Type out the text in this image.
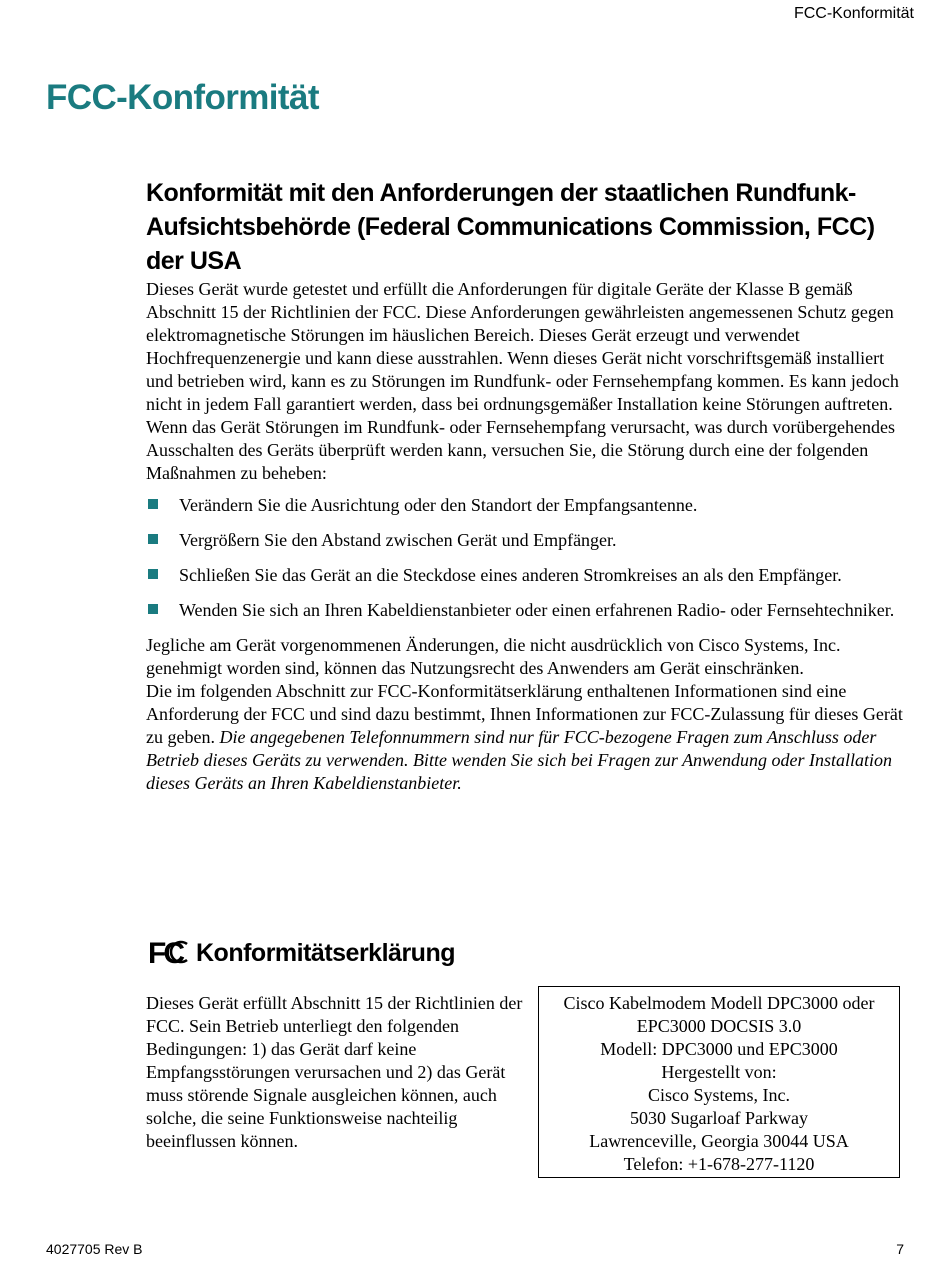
FCC-Konformität
FCC-Konformität
Konformität mit den Anforderungen der staatlichen Rundfunk-Aufsichtsbehörde (Federal Communications Commission, FCC) der USA

Dieses Gerät wurde getestet und erfüllt die Anforderungen für digitale Geräte der Klasse B gemäß Abschnitt 15 der Richtlinien der FCC. Diese Anforderungen gewährleisten angemessenen Schutz gegen elektromagnetische Störungen im häuslichen Bereich. Dieses Gerät erzeugt und verwendet Hochfrequenzenergie und kann diese ausstrahlen. Wenn dieses Gerät nicht vorschriftsgemäß installiert und betrieben wird, kann es zu Störungen im Rundfunk- oder Fernsehempfang kommen. Es kann jedoch nicht in jedem Fall garantiert werden, dass bei ordnungsgemäßer Installation keine Störungen auftreten. Wenn das Gerät Störungen im Rundfunk- oder Fernsehempfang verursacht, was durch vorübergehendes Ausschalten des Geräts überprüft werden kann, versuchen Sie, die Störung durch eine der folgenden Maßnahmen zu beheben:

Verändern Sie die Ausrichtung oder den Standort der Empfangsantenne.
Vergrößern Sie den Abstand zwischen Gerät und Empfänger.
Schließen Sie das Gerät an die Steckdose eines anderen Stromkreises an als den Empfänger.
Wenden Sie sich an Ihren Kabeldienstanbieter oder einen erfahrenen Radio- oder Fernsehtechniker.

Jegliche am Gerät vorgenommenen Änderungen, die nicht ausdrücklich von Cisco Systems, Inc. genehmigt worden sind, können das Nutzungsrecht des Anwenders am Gerät einschränken.

Die im folgenden Abschnitt zur FCC-Konformitätserklärung enthaltenen Informationen sind eine Anforderung der FCC und sind dazu bestimmt, Ihnen Informationen zur FCC-Zulassung für dieses Gerät zu geben. Die angegebenen Telefonnummern sind nur für FCC-bezogene Fragen zum Anschluss oder Betrieb dieses Geräts zu verwenden. Bitte wenden Sie sich bei Fragen zur Anwendung oder Installation dieses Geräts an Ihren Kabeldienstanbieter.

FC Konformitätserklärung

Dieses Gerät erfüllt Abschnitt 15 der Richtlinien der FCC. Sein Betrieb unterliegt den folgenden Bedingungen: 1) das Gerät darf keine Empfangsstörungen verursachen und 2) das Gerät muss störende Signale ausgleichen können, auch solche, die seine Funktionsweise nachteilig beeinflussen können.

Cisco Kabelmodem Modell DPC3000 oder
EPC3000 DOCSIS 3.0
Modell: DPC3000 und EPC3000
Hergestellt von:
Cisco Systems, Inc.
5030 Sugarloaf Parkway
Lawrenceville, Georgia 30044 USA
Telefon: +1-678-277-1120
4027705 Rev B	7
